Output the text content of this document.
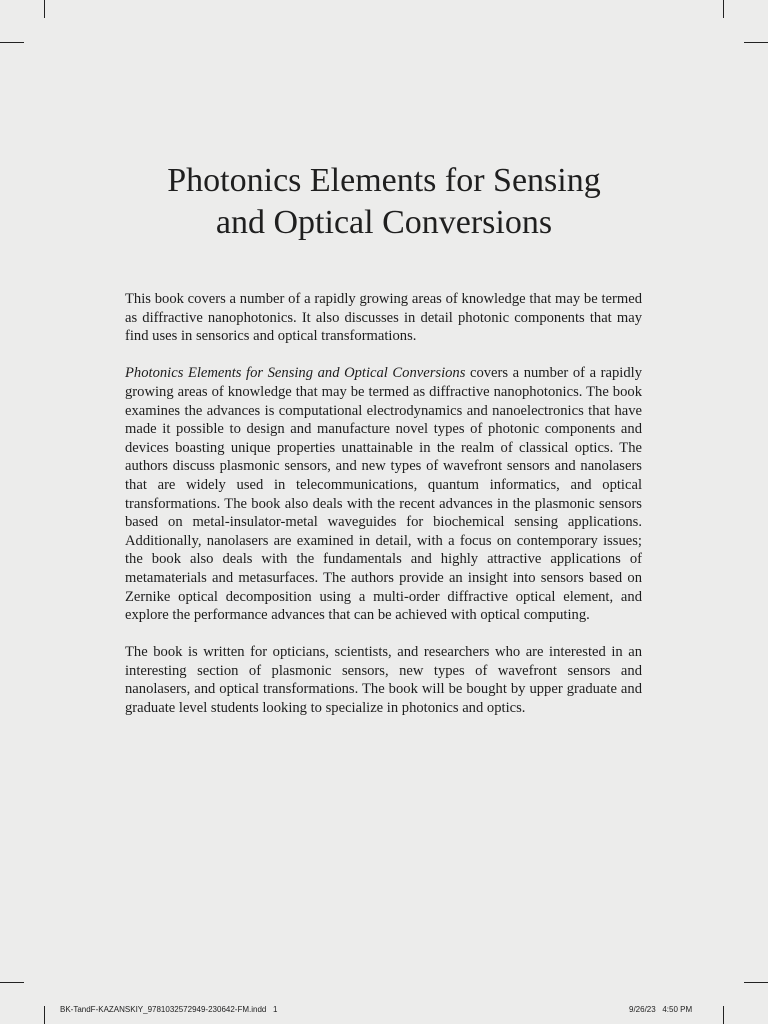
Photonics Elements for Sensing
and Optical Conversions

This book covers a number of a rapidly growing areas of knowledge that may be termed as diffractive nanophotonics. It also discusses in detail photonic components that may find uses in sensorics and optical transformations.

Photonics Elements for Sensing and Optical Conversions covers a number of a rapidly growing areas of knowledge that may be termed as diffractive nanophotonics. The book examines the advances is computational electrodynamics and nanoelectronics that have made it possible to design and manufacture novel types of photonic components and devices boasting unique properties unattainable in the realm of classical optics. The authors discuss plasmonic sensors, and new types of wavefront sensors and nanolasers that are widely used in telecommunications, quantum informatics, and optical transformations. The book also deals with the recent advances in the plasmonic sensors based on metal-insulator-metal waveguides for biochemical sensing applications. Additionally, nanolasers are examined in detail, with a focus on contemporary issues; the book also deals with the fundamentals and highly attractive applications of metamaterials and metasurfaces. The authors provide an insight into sensors based on Zernike optical decomposition using a multi-order diffractive optical element, and explore the performance advances that can be achieved with optical computing.

The book is written for opticians, scientists, and researchers who are interested in an interesting section of plasmonic sensors, new types of wavefront sensors and nanolasers, and optical transformations. The book will be bought by upper graduate and graduate level students looking to specialize in photonics and optics.

BK-TandF-KAZANSKIY_9781032572949-230642-FM.indd   1	9/26/23   4:50 PM
